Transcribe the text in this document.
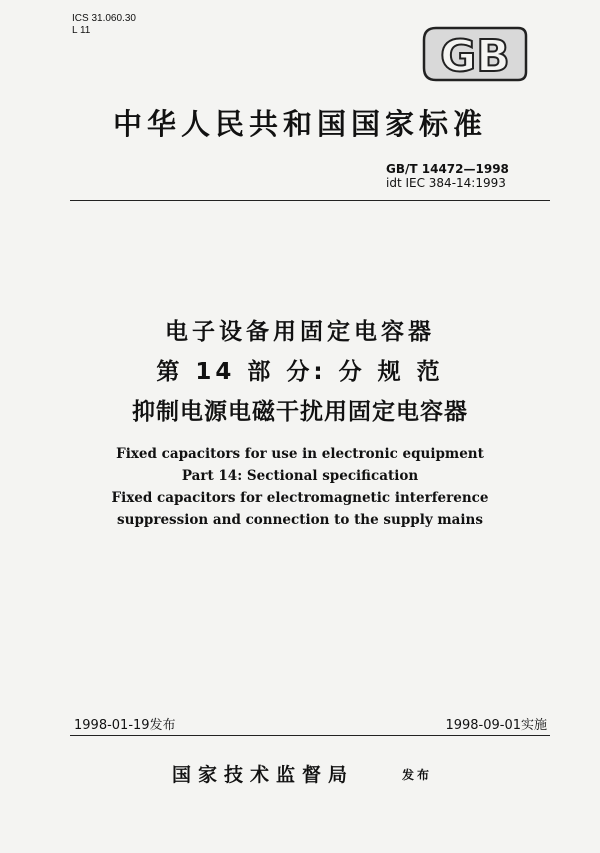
ICS 31.060.30
L 11
GB
中华人民共和国国家标准
GB/T 14472—1998
idt IEC 384-14:1993
电子设备用固定电容器
第 14 部 分: 分 规 范
抑制电源电磁干扰用固定电容器
Fixed capacitors for use in electronic equipment
Part 14: Sectional specification
Fixed capacitors for electromagnetic interference
suppression and connection to the supply mains
1998-01-19发布	1998-09-01实施
国家技术监督局	发布
